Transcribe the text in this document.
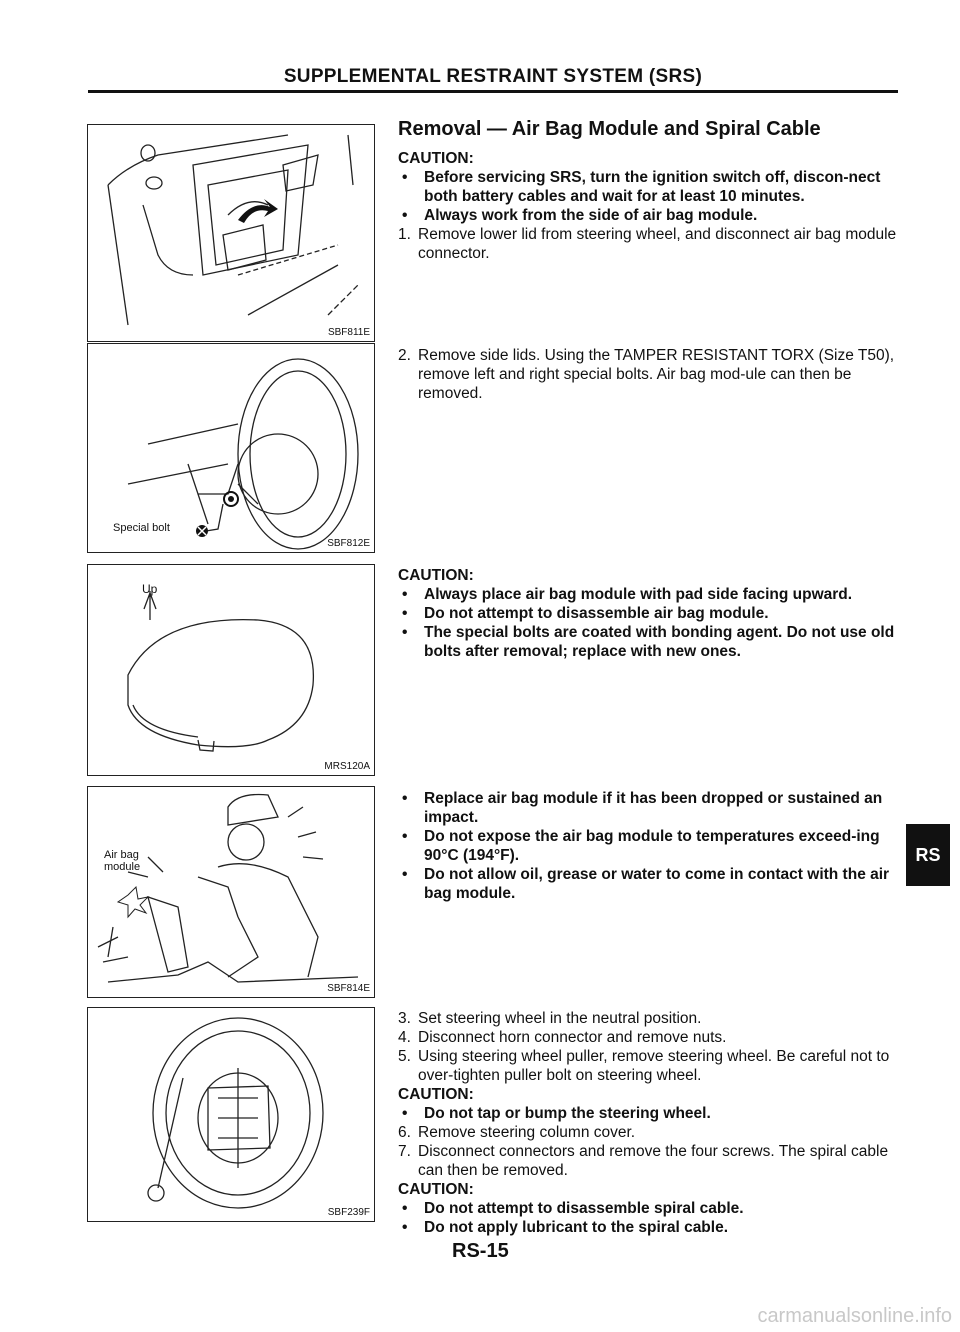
SUPPLEMENTAL RESTRAINT SYSTEM (SRS)
SBF811E
Special bolt
SBF812E
Up
MRS120A
Air bag module
SBF814E
SBF239F
Removal — Air Bag Module and Spiral Cable
CAUTION:
• Before servicing SRS, turn the ignition switch off, discon-nect both battery cables and wait for at least 10 minutes.
• Always work from the side of air bag module.
1. Remove lower lid from steering wheel, and disconnect air bag module connector.
2. Remove side lids. Using the TAMPER RESISTANT TORX (Size T50), remove left and right special bolts. Air bag mod-ule can then be removed.
CAUTION:
• Always place air bag module with pad side facing upward.
• Do not attempt to disassemble air bag module.
• The special bolts are coated with bonding agent. Do not use old bolts after removal; replace with new ones.
• Replace air bag module if it has been dropped or sustained an impact.
• Do not expose the air bag module to temperatures exceed-ing 90°C (194°F).
• Do not allow oil, grease or water to come in contact with the air bag module.
3. Set steering wheel in the neutral position.
4. Disconnect horn connector and remove nuts.
5. Using steering wheel puller, remove steering wheel. Be careful not to over-tighten puller bolt on steering wheel.
CAUTION:
• Do not tap or bump the steering wheel.
6. Remove steering column cover.
7. Disconnect connectors and remove the four screws. The spiral cable can then be removed.
CAUTION:
• Do not attempt to disassemble spiral cable.
• Do not apply lubricant to the spiral cable.
RS-15
RS
carmanualsonline.info
